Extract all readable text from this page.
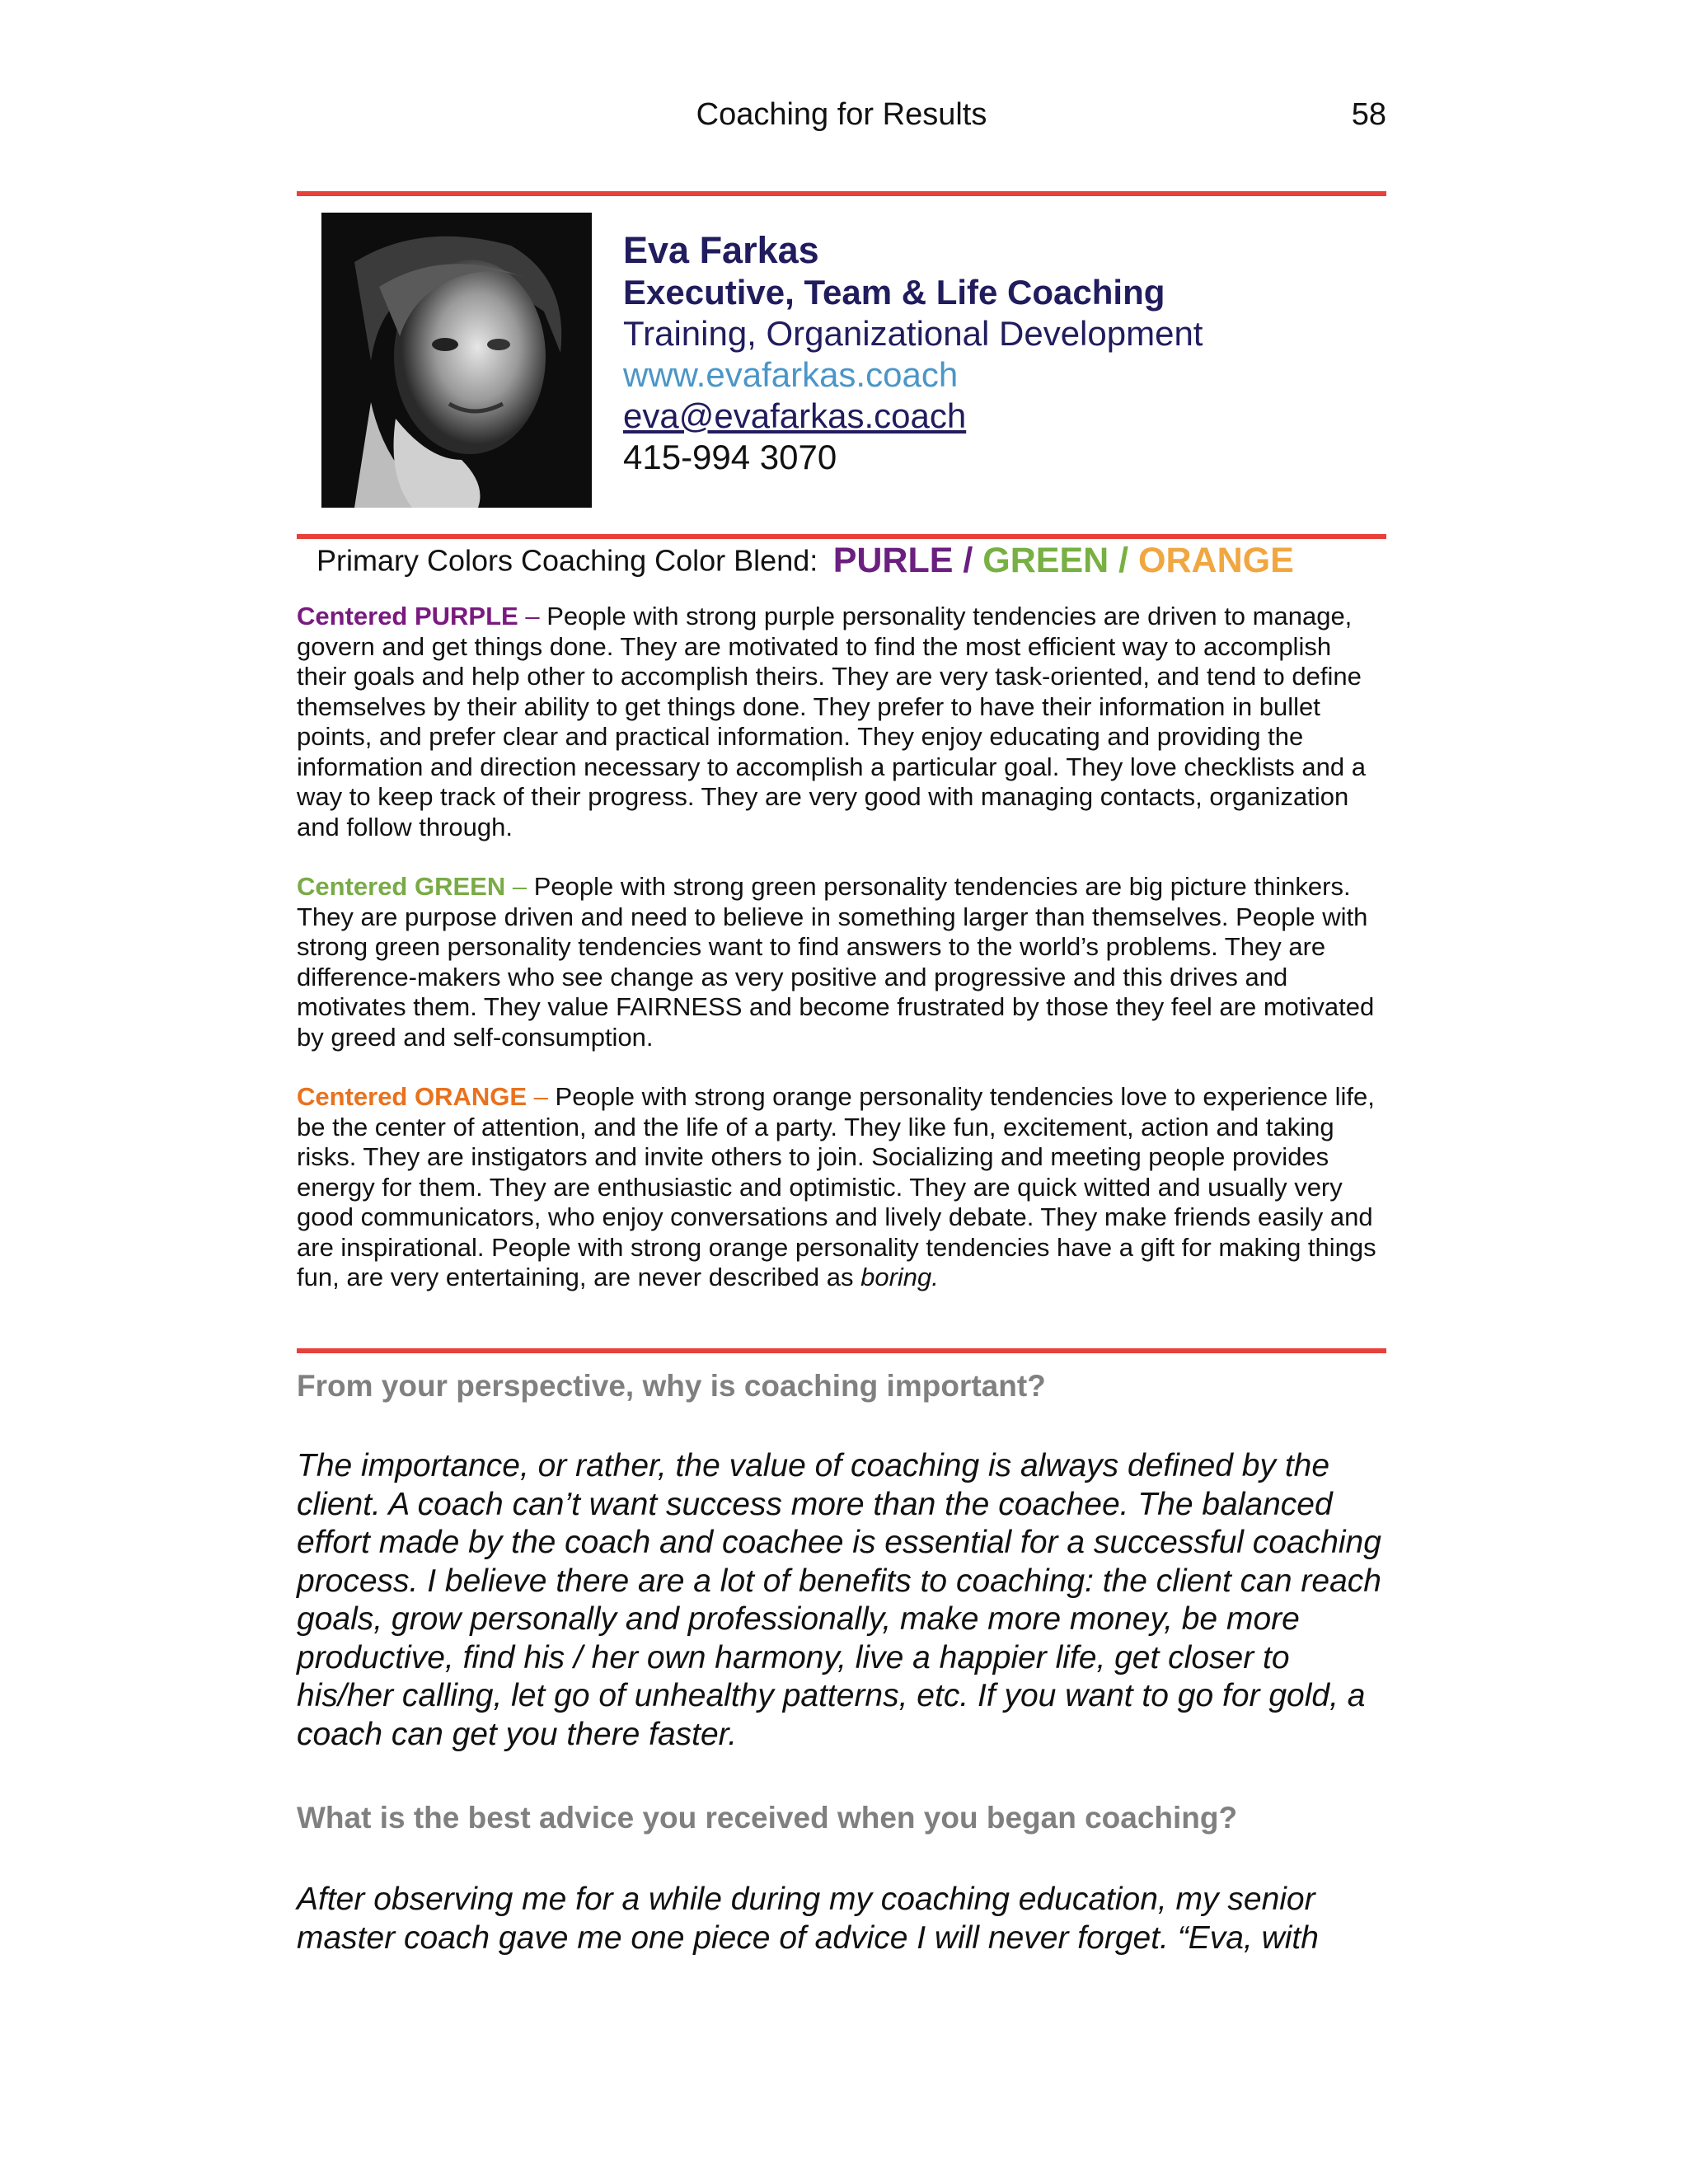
Coaching for Results	58
Eva Farkas
Executive, Team & Life Coaching
Training, Organizational Development
www.evafarkas.coach
eva@evafarkas.coach
415-994 3070
Primary Colors Coaching Color Blend: PURLE / GREEN / ORANGE
Centered PURPLE – People with strong purple personality tendencies are driven to manage, govern and get things done. They are motivated to find the most efficient way to accomplish their goals and help other to accomplish theirs. They are very task-oriented, and tend to define themselves by their ability to get things done. They prefer to have their information in bullet points, and prefer clear and practical information. They enjoy educating and providing the information and direction necessary to accomplish a particular goal. They love checklists and a way to keep track of their progress. They are very good with managing contacts, organization and follow through.
Centered GREEN – People with strong green personality tendencies are big picture thinkers. They are purpose driven and need to believe in something larger than themselves. People with strong green personality tendencies want to find answers to the world’s problems. They are difference-makers who see change as very positive and progressive and this drives and motivates them. They value FAIRNESS and become frustrated by those they feel are motivated by greed and self-consumption.
Centered ORANGE – People with strong orange personality tendencies love to experience life, be the center of attention, and the life of a party. They like fun, excitement, action and taking risks. They are instigators and invite others to join. Socializing and meeting people provides energy for them. They are enthusiastic and optimistic. They are quick witted and usually very good communicators, who enjoy conversations and lively debate. They make friends easily and are inspirational. People with strong orange personality tendencies have a gift for making things fun, are very entertaining, are never described as boring.
From your perspective, why is coaching important?
The importance, or rather, the value of coaching is always defined by the client. A coach can’t want success more than the coachee. The balanced effort made by the coach and coachee is essential for a successful coaching process. I believe there are a lot of benefits to coaching: the client can reach goals, grow personally and professionally, make more money, be more productive, find his / her own harmony, live a happier life, get closer to his/her calling, let go of unhealthy patterns, etc. If you want to go for gold, a coach can get you there faster.
What is the best advice you received when you began coaching?
After observing me for a while during my coaching education, my senior master coach gave me one piece of advice I will never forget. “Eva, with
